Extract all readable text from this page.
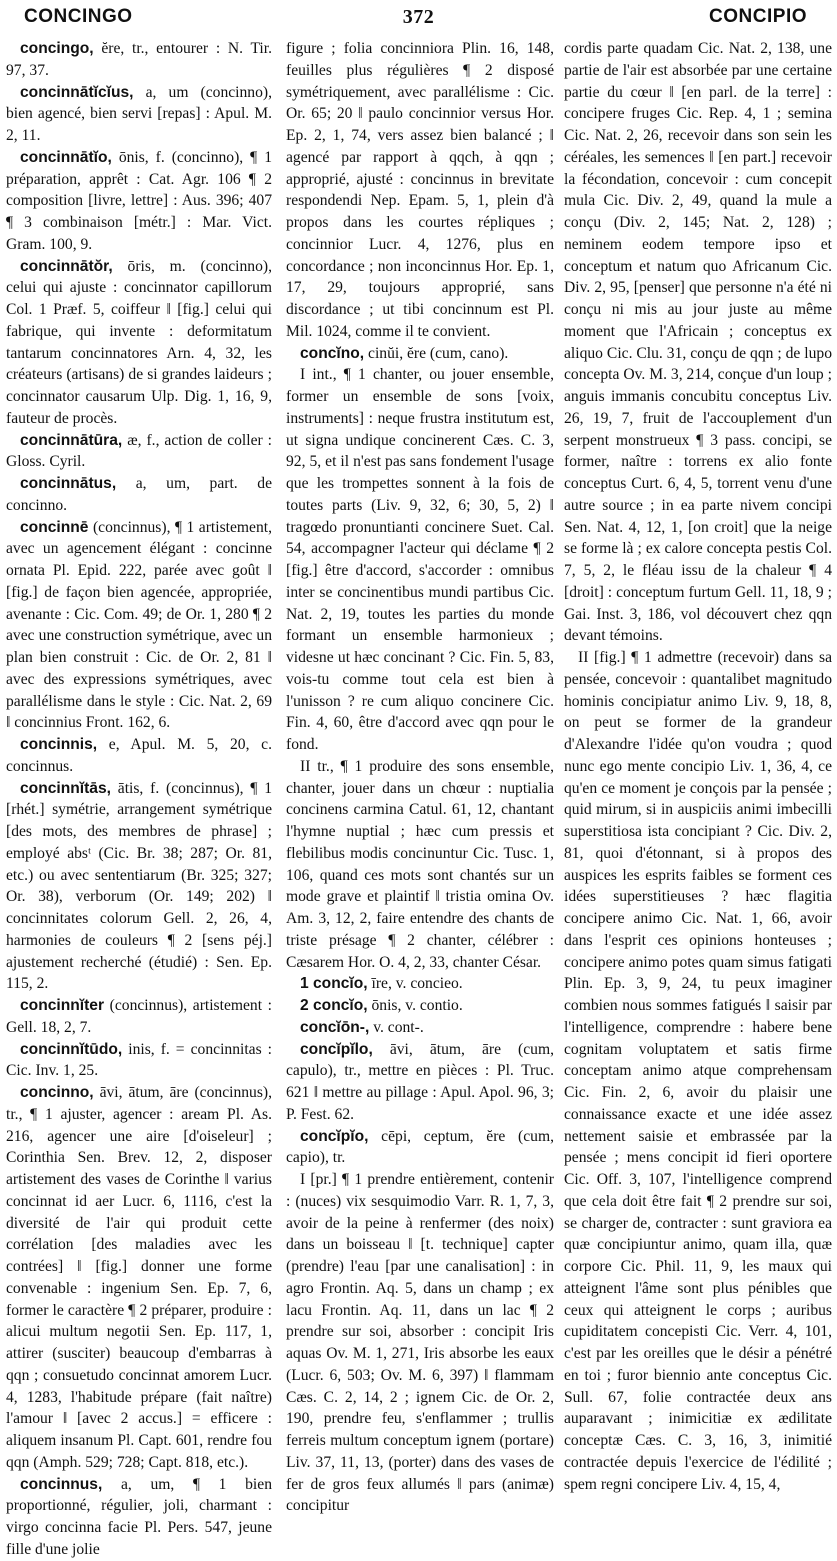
372
CONCINGO	CONCIPIO

concingo, ĕre, tr., entourer : N. Tir. 97, 37.

concinnātĭcĭus, a, um (concinno), bien agencé, bien servi [repas] : Apul. M. 2, 11.

concinnātĭo, ōnis, f. (concinno), ¶ 1 préparation, apprêt : Cat. Agr. 106 ¶ 2 composition [livre, lettre] : Aus. 396; 407 ¶ 3 combinaison [métr.] : Mar. Vict. Gram. 100, 9.

concinnātŏr, ōris, m. (concinno), celui qui ajuste : concinnator capillorum Col. 1 Præf. 5, coiffeur ‖ [fig.] celui qui fabrique, qui invente : deformitatum tantarum concinnatores Arn. 4, 32, les créateurs (artisans) de si grandes laideurs ; concinnator causarum Ulp. Dig. 1, 16, 9, fauteur de procès.

concinnātūra, æ, f., action de coller : Gloss. Cyril.

concinnātus, a, um, part. de concinno.

concinnē (concinnus), ¶ 1 artistement, avec un agencement élégant : concinne ornata Pl. Epid. 222, parée avec goût ‖ [fig.] de façon bien agencée, appropriée, avenante : Cic. Com. 49; de Or. 1, 280 ¶ 2 avec une construction symétrique, avec un plan bien construit : Cic. de Or. 2, 81 ‖ avec des expressions symétriques, avec parallélisme dans le style : Cic. Nat. 2, 69 ‖ concinnius Front. 162, 6.

concinnis, e, Apul. M. 5, 20, c. concinnus.

concinnĭtās, ātis, f. (concinnus), ¶ 1 [rhét.] symétrie, arrangement symétrique [des mots, des membres de phrase] ; employé absᵗ (Cic. Br. 38; 287; Or. 81, etc.) ou avec sententiarum (Br. 325; 327; Or. 38), verborum (Or. 149; 202) ‖ concinnitates colorum Gell. 2, 26, 4, harmonies de couleurs ¶ 2 [sens péj.] ajustement recherché (étudié) : Sen. Ep. 115, 2.

concinnĭter (concinnus), artistement : Gell. 18, 2, 7.

concinnĭtūdo, inis, f. = concinnitas : Cic. Inv. 1, 25.

concinno, āvi, ātum, āre (concinnus), tr., ¶ 1 ajuster, agencer : aream Pl. As. 216, agencer une aire [d'oiseleur] ; Corinthia Sen. Brev. 12, 2, disposer artistement des vases de Corinthe ‖ varius concinnat id aer Lucr. 6, 1116, c'est la diversité de l'air qui produit cette corrélation [des maladies avec les contrées] ‖ [fig.] donner une forme convenable : ingenium Sen. Ep. 7, 6, former le caractère ¶ 2 préparer, produire : alicui multum negotii Sen. Ep. 117, 1, attirer (susciter) beaucoup d'embarras à qqn ; consuetudo concinnat amorem Lucr. 4, 1283, l'habitude prépare (fait naître) l'amour ‖ [avec 2 accus.] = efficere : aliquem insanum Pl. Capt. 601, rendre fou qqn (Amph. 529; 728; Capt. 818, etc.).

concinnus, a, um, ¶ 1 bien proportionné, régulier, joli, charmant : virgo concinna facie Pl. Pers. 547, jeune fille d'une jolie

figure ; folia concinniora Plin. 16, 148, feuilles plus régulières ¶ 2 disposé symétriquement, avec parallélisme : Cic. Or. 65; 20 ‖ paulo concinnior versus Hor. Ep. 2, 1, 74, vers assez bien balancé ; ‖ agencé par rapport à qqch, à qqn ; approprié, ajusté : concinnus in brevitate respondendi Nep. Epam. 5, 1, plein d'à propos dans les courtes répliques ; concinnior Lucr. 4, 1276, plus en concordance ; non inconcinnus Hor. Ep. 1, 17, 29, toujours approprié, sans discordance ; ut tibi concinnum est Pl. Mil. 1024, comme il te convient.

concĭno, cinŭi, ĕre (cum, cano).

I int., ¶ 1 chanter, ou jouer ensemble, former un ensemble de sons [voix, instruments] : neque frustra institutum est, ut signa undique concinerent Cæs. C. 3, 92, 5, et il n'est pas sans fondement l'usage que les trompettes sonnent à la fois de toutes parts (Liv. 9, 32, 6; 30, 5, 2) ‖ tragœdo pronuntianti concinere Suet. Cal. 54, accompagner l'acteur qui déclame ¶ 2 [fig.] être d'accord, s'accorder : omnibus inter se concinentibus mundi partibus Cic. Nat. 2, 19, toutes les parties du monde formant un ensemble harmonieux ; videsne ut hæc concinant ? Cic. Fin. 5, 83, vois-tu comme tout cela est bien à l'unisson ? re cum aliquo concinere Cic. Fin. 4, 60, être d'accord avec qqn pour le fond.

II tr., ¶ 1 produire des sons ensemble, chanter, jouer dans un chœur : nuptialia concinens carmina Catul. 61, 12, chantant l'hymne nuptial ; hæc cum pressis et flebilibus modis concinuntur Cic. Tusc. 1, 106, quand ces mots sont chantés sur un mode grave et plaintif ‖ tristia omina Ov. Am. 3, 12, 2, faire entendre des chants de triste présage ¶ 2 chanter, célébrer : Cæsarem Hor. O. 4, 2, 33, chanter César.

1 concĭo, īre, v. concieo.

2 concĭo, ōnis, v. contio.

concĭōn-, v. cont-.

concĭpĭlo, āvi, ātum, āre (cum, capulo), tr., mettre en pièces : Pl. Truc. 621 ‖ mettre au pillage : Apul. Apol. 96, 3; P. Fest. 62.

concĭpĭo, cēpi, ceptum, ĕre (cum, capio), tr.

I [pr.] ¶ 1 prendre entièrement, contenir : (nuces) vix sesquimodio Varr. R. 1, 7, 3, avoir de la peine à renfermer (des noix) dans un boisseau ‖ [t. technique] capter (prendre) l'eau [par une canalisation] : in agro Frontin. Aq. 5, dans un champ ; ex lacu Frontin. Aq. 11, dans un lac ¶ 2 prendre sur soi, absorber : concipit Iris aquas Ov. M. 1, 271, Iris absorbe les eaux (Lucr. 6, 503; Ov. M. 6, 397) ‖ flammam Cæs. C. 2, 14, 2 ; ignem Cic. de Or. 2, 190, prendre feu, s'enflammer ; trullis ferreis multum conceptum ignem (portare) Liv. 37, 11, 13, (porter) dans des vases de fer de gros feux allumés ‖ pars (animæ) concipitur

cordis parte quadam Cic. Nat. 2, 138, une partie de l'air est absorbée par une certaine partie du cœur ‖ [en parl. de la terre] : concipere fruges Cic. Rep. 4, 1 ; semina Cic. Nat. 2, 26, recevoir dans son sein les céréales, les semences ‖ [en part.] recevoir la fécondation, concevoir : cum concepit mula Cic. Div. 2, 49, quand la mule a conçu (Div. 2, 145; Nat. 2, 128) ; neminem eodem tempore ipso et conceptum et natum quo Africanum Cic. Div. 2, 95, [penser] que personne n'a été ni conçu ni mis au jour juste au même moment que l'Africain ; conceptus ex aliquo Cic. Clu. 31, conçu de qqn ; de lupo concepta Ov. M. 3, 214, conçue d'un loup ; anguis immanis concubitu conceptus Liv. 26, 19, 7, fruit de l'accouplement d'un serpent monstrueux ¶ 3 pass. concipi, se former, naître : torrens ex alio fonte conceptus Curt. 6, 4, 5, torrent venu d'une autre source ; in ea parte nivem concipi Sen. Nat. 4, 12, 1, [on croit] que la neige se forme là ; ex calore concepta pestis Col. 7, 5, 2, le fléau issu de la chaleur ¶ 4 [droit] : conceptum furtum Gell. 11, 18, 9 ; Gai. Inst. 3, 186, vol découvert chez qqn devant témoins.

II [fig.] ¶ 1 admettre (recevoir) dans sa pensée, concevoir : quantalibet magnitudo hominis concipiatur animo Liv. 9, 18, 8, on peut se former de la grandeur d'Alexandre l'idée qu'on voudra ; quod nunc ego mente concipio Liv. 1, 36, 4, ce qu'en ce moment je conçois par la pensée ; quid mirum, si in auspiciis animi imbecilli superstitiosa ista concipiant ? Cic. Div. 2, 81, quoi d'étonnant, si à propos des auspices les esprits faibles se forment ces idées superstitieuses ? hæc flagitia concipere animo Cic. Nat. 1, 66, avoir dans l'esprit ces opinions honteuses ; concipere animo potes quam simus fatigati Plin. Ep. 3, 9, 24, tu peux imaginer combien nous sommes fatigués ‖ saisir par l'intelligence, comprendre : habere bene cognitam voluptatem et satis firme conceptam animo atque comprehensam Cic. Fin. 2, 6, avoir du plaisir une connaissance exacte et une idée assez nettement saisie et embrassée par la pensée ; mens concipit id fieri oportere Cic. Off. 3, 107, l'intelligence comprend que cela doit être fait ¶ 2 prendre sur soi, se charger de, contracter : sunt graviora ea quæ concipiuntur animo, quam illa, quæ corpore Cic. Phil. 11, 9, les maux qui atteignent l'âme sont plus pénibles que ceux qui atteignent le corps ; auribus cupiditatem concepisti Cic. Verr. 4, 101, c'est par les oreilles que le désir a pénétré en toi ; furor biennio ante conceptus Cic. Sull. 67, folie contractée deux ans auparavant ; inimicitiæ ex ædilitate conceptæ Cæs. C. 3, 16, 3, inimitié contractée depuis l'exercice de l'édilité ; spem regni concipere Liv. 4, 15, 4,
